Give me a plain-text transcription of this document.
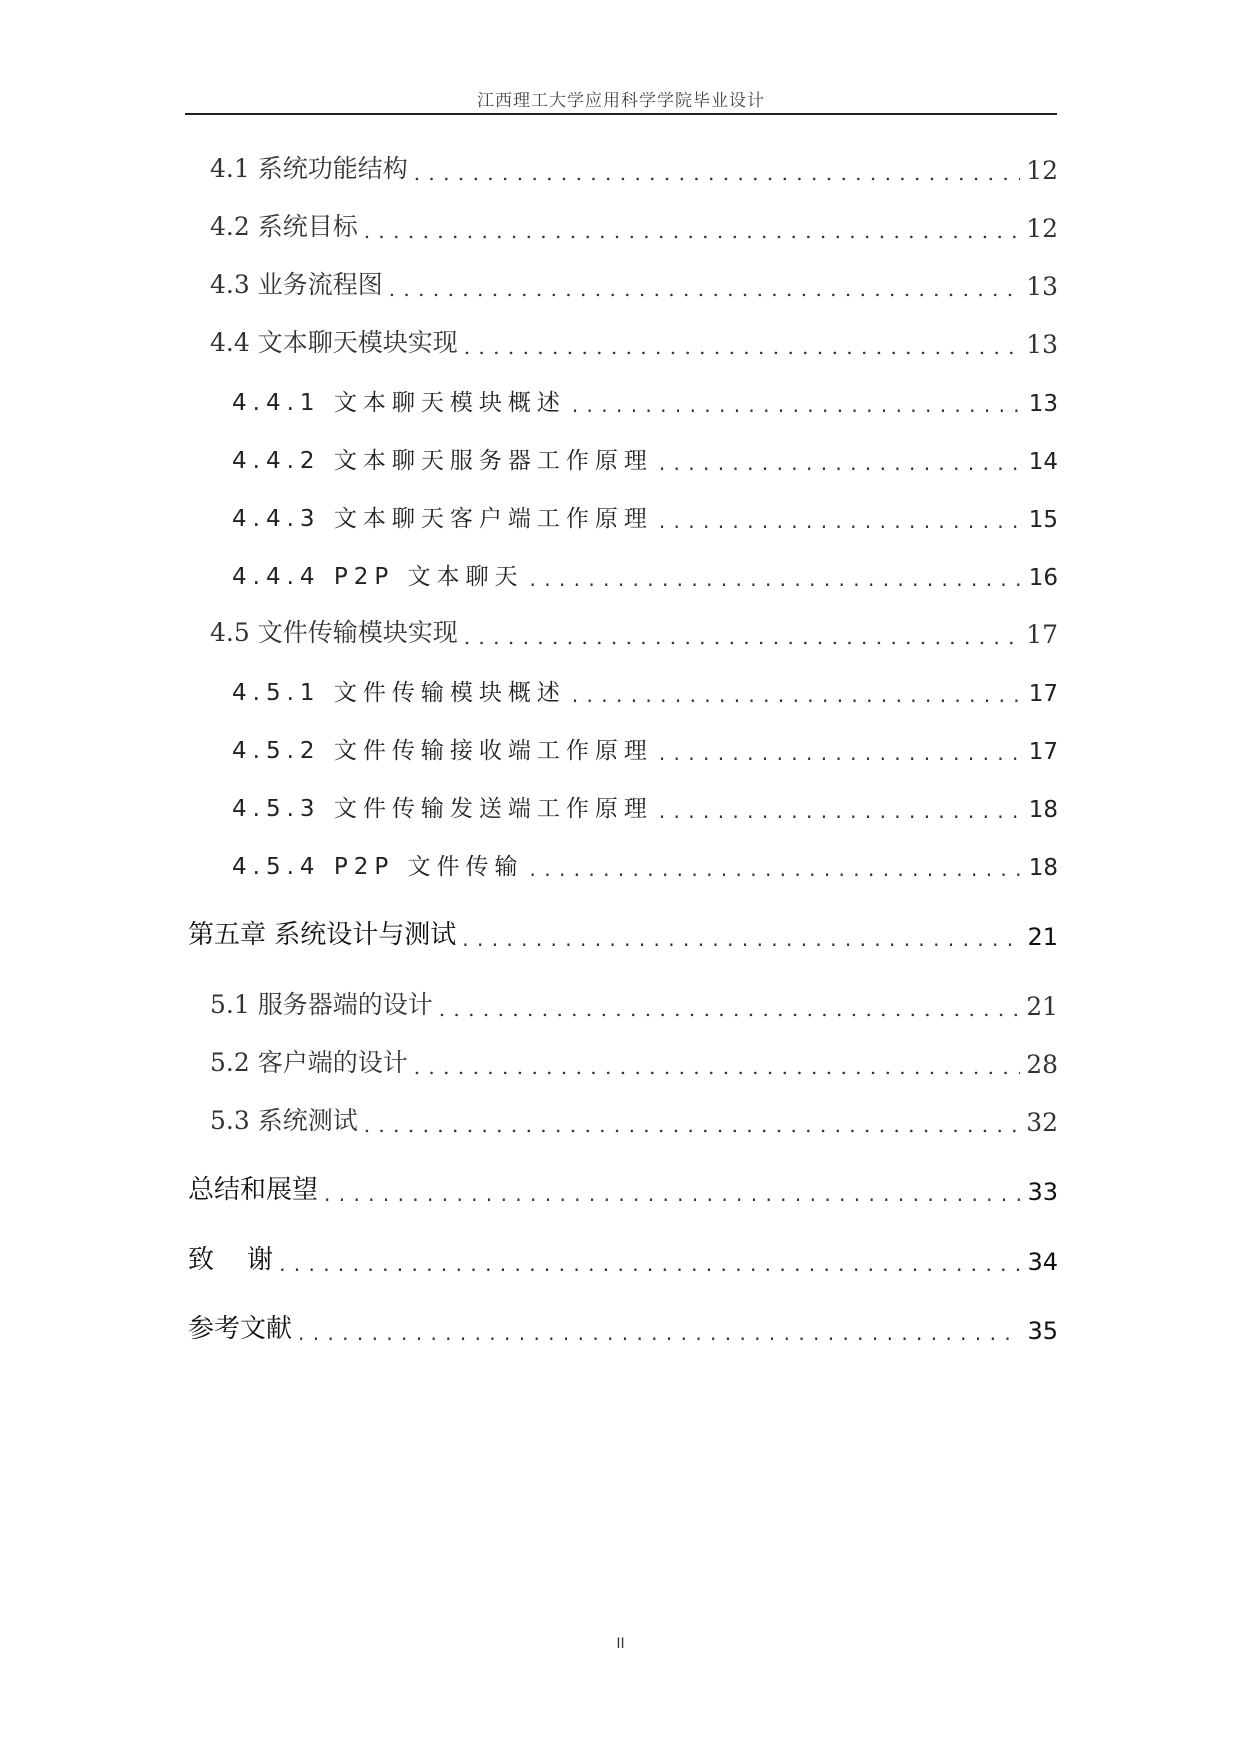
江西理工大学应用科学学院毕业设计
4.1 系统功能结构 . . .	12
4.2 系统目标 . . .	12
4.3 业务流程图 . . .	13
4.4 文本聊天模块实现 . . .	13
4.4.1 文本聊天模块概述 . . .	13
4.4.2 文本聊天服务器工作原理 . . .	14
4.4.3 文本聊天客户端工作原理 . . .	15
4.4.4 P2P 文本聊天 . . .	16
4.5 文件传输模块实现 . . .	17
4.5.1 文件传输模块概述 . . .	17
4.5.2 文件传输接收端工作原理 . . .	17
4.5.3 文件传输发送端工作原理 . . .	18
4.5.4 P2P 文件传输 . . .	18
第五章 系统设计与测试 . . .	21
5.1 服务器端的设计 . . .	21
5.2 客户端的设计 . . .	28
5.3 系统测试 . . .	32
总结和展望 . . .	33
致    谢 . . .	34
参考文献 . . .	35
II
